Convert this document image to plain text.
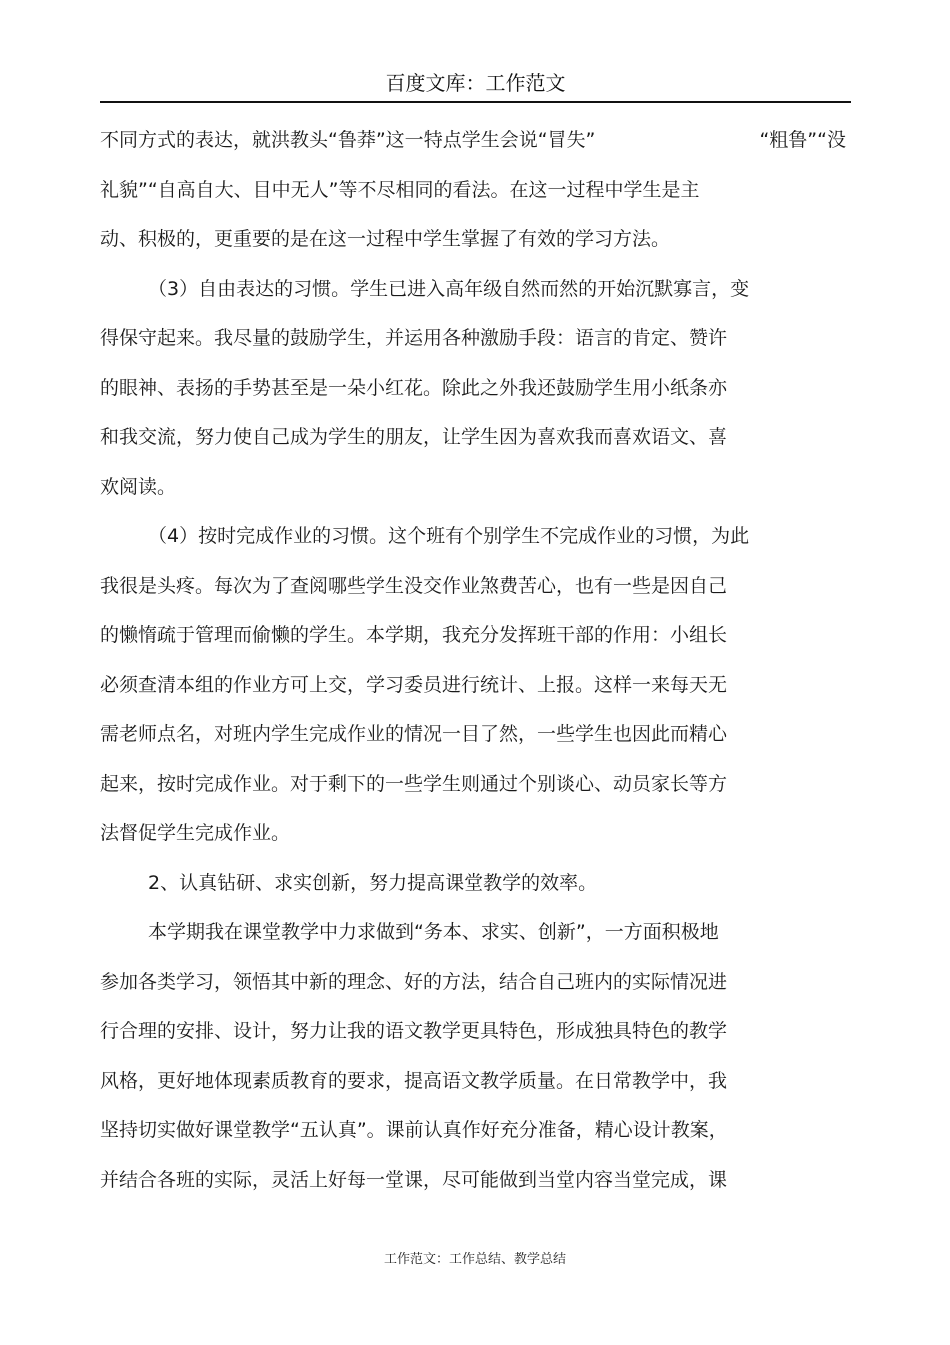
百度文库：工作范文
不同方式的表达，就洪教头“鲁莽”这一特点学生会说“冒失”	“粗鲁”“没
礼貌”“自高自大、目中无人”等不尽相同的看法。在这一过程中学生是主
动、积极的，更重要的是在这一过程中学生掌握了有效的学习方法。
（3）自由表达的习惯。学生已进入高年级自然而然的开始沉默寡言，变
得保守起来。我尽量的鼓励学生，并运用各种激励手段：语言的肯定、赞许
的眼神、表扬的手势甚至是一朵小红花。除此之外我还鼓励学生用小纸条亦
和我交流，努力使自己成为学生的朋友，让学生因为喜欢我而喜欢语文、喜
欢阅读。
（4）按时完成作业的习惯。这个班有个别学生不完成作业的习惯，为此
我很是头疼。每次为了查阅哪些学生没交作业煞费苦心，也有一些是因自己
的懒惰疏于管理而偷懒的学生。本学期，我充分发挥班干部的作用：小组长
必须查清本组的作业方可上交，学习委员进行统计、上报。这样一来每天无
需老师点名，对班内学生完成作业的情况一目了然，一些学生也因此而精心
起来，按时完成作业。对于剩下的一些学生则通过个别谈心、动员家长等方
法督促学生完成作业。
2、认真钻研、求实创新，努力提高课堂教学的效率。
本学期我在课堂教学中力求做到“务本、求实、创新”，一方面积极地
参加各类学习，领悟其中新的理念、好的方法，结合自己班内的实际情况进
行合理的安排、设计，努力让我的语文教学更具特色，形成独具特色的教学
风格，更好地体现素质教育的要求，提高语文教学质量。在日常教学中，我
坚持切实做好课堂教学“五认真”。课前认真作好充分准备，精心设计教案，
并结合各班的实际，灵活上好每一堂课，尽可能做到当堂内容当堂完成，课
工作范文：工作总结、教学总结
